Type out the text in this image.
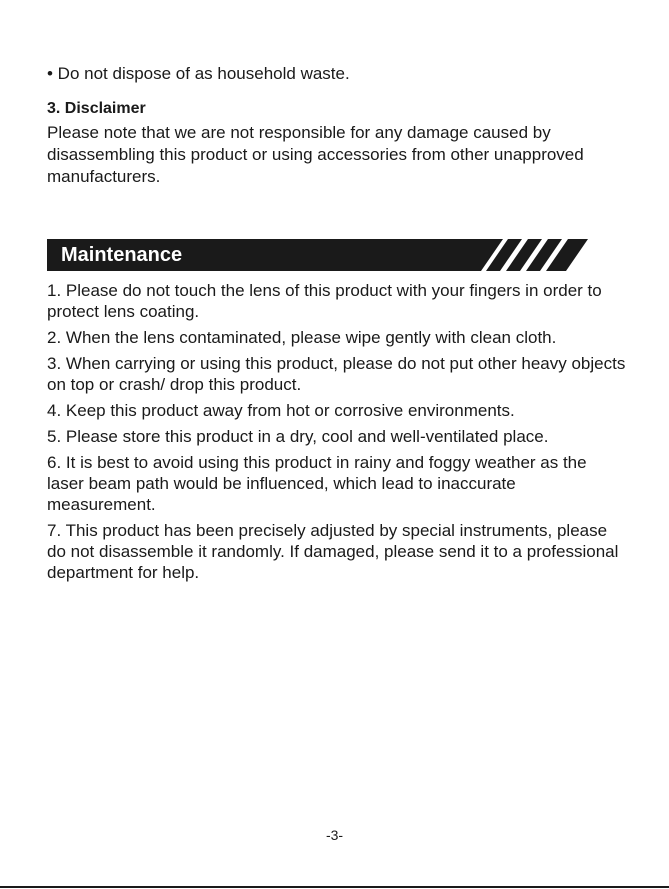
• Do not dispose of as household waste.
3. Disclaimer
Please note that we are not responsible for any damage caused by disassembling this product or using accessories from other unapproved manufacturers.
Maintenance

1. Please do not touch the lens of this product with your fingers in order to protect lens coating.

2. When the lens contaminated, please wipe gently with clean cloth.

3. When carrying or using this product, please do not put other heavy objects on top or crash/ drop this product.

4. Keep this product away from hot or corrosive environments.

5. Please store this product in a dry, cool and well-ventilated place.

6. It is best to avoid using this product in rainy and foggy weather as the laser beam path would be influenced, which lead to inaccurate measurement.

7. This product has been precisely adjusted by special instruments, please do not disassemble it randomly. If damaged, please send it to a professional department for help.

-3-
